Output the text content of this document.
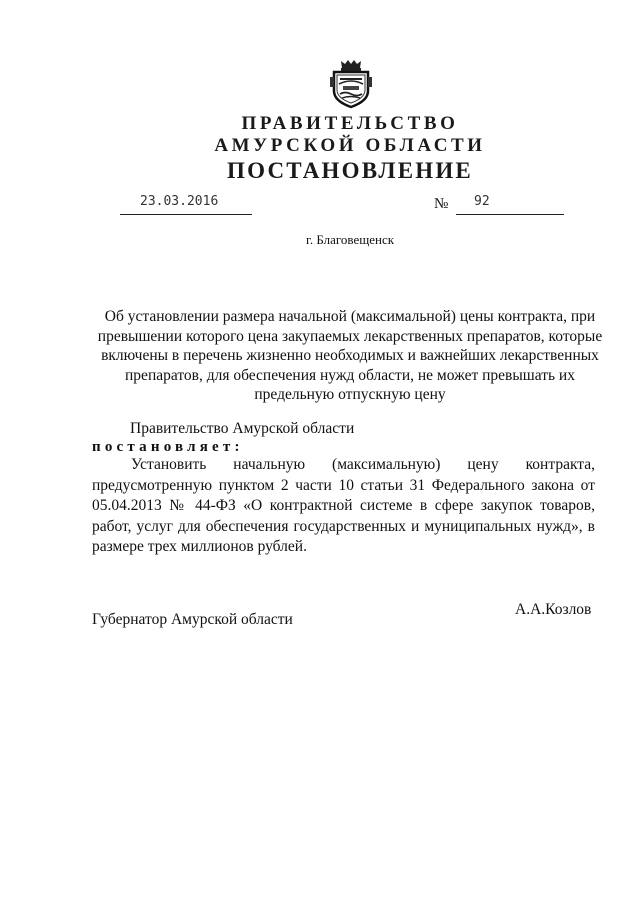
ПРАВИТЕЛЬСТВО
АМУРСКОЙ ОБЛАСТИ
ПОСТАНОВЛЕНИЕ
23.03.2016	№ 92
г. Благовещенск
Об установлении размера начальной (максимальной) цены контракта, при превышении которого цена закупаемых лекарственных препаратов, которые включены в перечень жизненно необходимых и важнейших лекарственных препаратов, для обеспечения нужд области, не может превышать их предельную отпускную цену
Правительство Амурской области
постановляет:

Установить начальную (максимальную) цену контракта, предусмотренную пунктом 2 части 10 статьи 31 Федерального закона от 05.04.2013 № 44-ФЗ «О контрактной системе в сфере закупок товаров, работ, услуг для обеспечения государственных и муниципальных нужд», в размере трех миллионов рублей.

Губернатор Амурской области
А.А.Козлов
